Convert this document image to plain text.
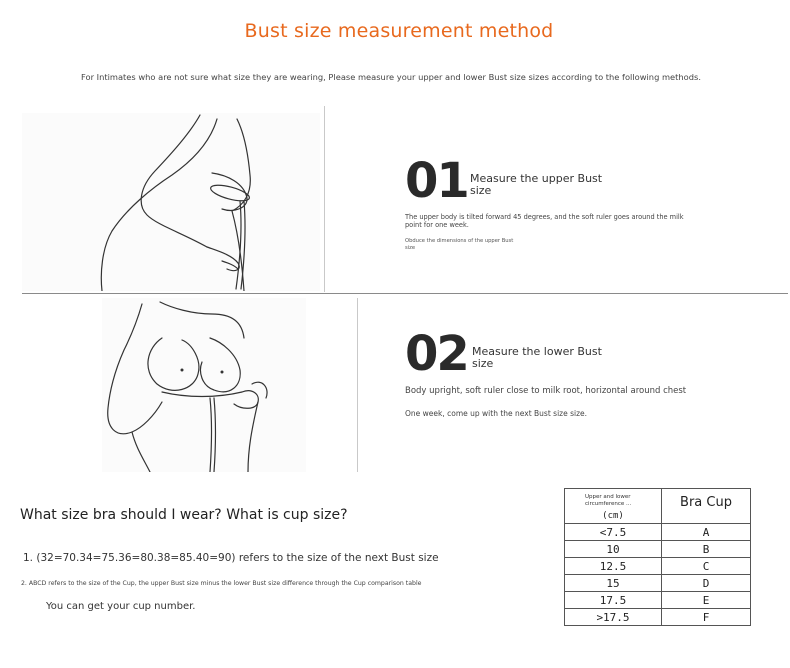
Bust size measurement method
For Intimates who are not sure what size they are wearing, Please measure your upper and lower Bust size sizes according to the following methods.
01 Measure the upper Bust
size
The upper body is tilted forward 45 degrees, and the soft ruler goes around the milk
point for one week.
Obduce the dimensions of the upper Bust
size
02 Measure the lower Bust
size
Body upright, soft ruler close to milk root, horizontal around chest
One week, come up with the next Bust size size.
What size bra should I wear? What is cup size?
1. (32=70.34=75.36=80.38=85.40=90) refers to the size of the next Bust size
2. ABCD refers to the size of the Cup, the upper Bust size minus the lower Bust size difference through the Cup comparison table
You can get your cup number.
Upper and lower
circumference ...
(cm)	Bra Cup
<7.5	A
10	B
12.5	C
15	D
17.5	E
>17.5	F
